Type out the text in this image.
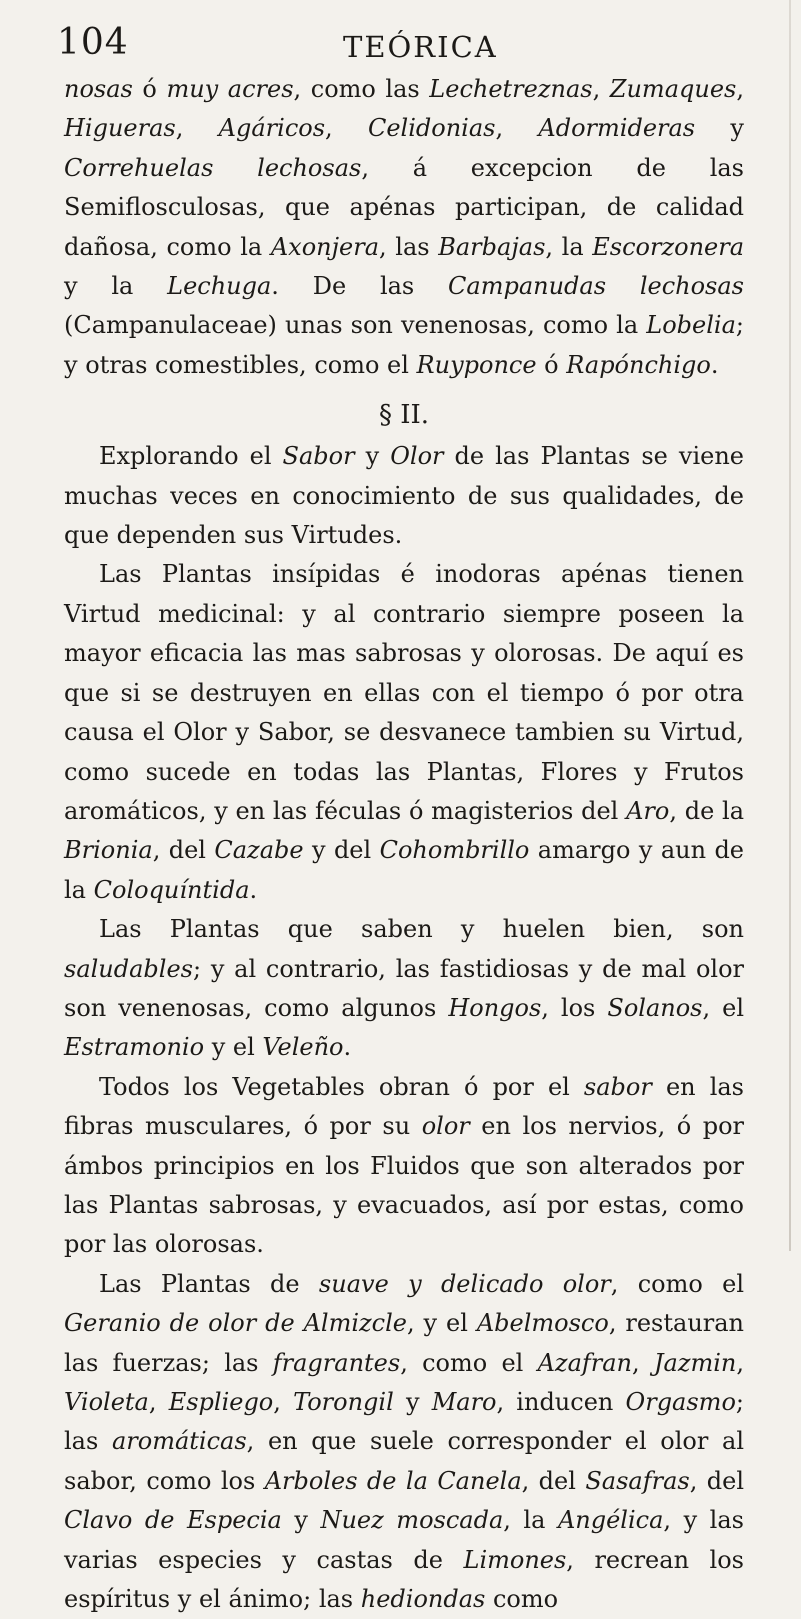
104	TEÓRICA

nosas ó muy acres, como las Lechetreznas, Zumaques, Higueras, Agáricos, Celidonias, Adormideras y Correhuelas lechosas, á excepcion de las Semiflosculosas, que apénas participan, de calidad dañosa, como la Axonjera, las Barbajas, la Escorzonera y la Lechuga. De las Campanudas lechosas (Campanulaceae) unas son venenosas, como la Lobelia; y otras comestibles, como el Ruyponce ó Rapónchigo.

§ II.

Explorando el Sabor y Olor de las Plantas se viene muchas veces en conocimiento de sus qualidades, de que dependen sus Virtudes.

Las Plantas insípidas é inodoras apénas tienen Virtud medicinal: y al contrario siempre poseen la mayor eficacia las mas sabrosas y olorosas. De aquí es que si se destruyen en ellas con el tiempo ó por otra causa el Olor y Sabor, se desvanece tambien su Virtud, como sucede en todas las Plantas, Flores y Frutos aromáticos, y en las féculas ó magisterios del Aro, de la Brionia, del Cazabe y del Cohombrillo amargo y aun de la Coloquíntida.

Las Plantas que saben y huelen bien, son saludables; y al contrario, las fastidiosas y de mal olor son venenosas, como algunos Hongos, los Solanos, el Estramonio y el Veleño.

Todos los Vegetables obran ó por el sabor en las fibras musculares, ó por su olor en los nervios, ó por ámbos principios en los Fluidos que son alterados por las Plantas sabrosas, y evacuados, así por estas, como por las olorosas.

Las Plantas de suave y delicado olor, como el Geranio de olor de Almizcle, y el Abelmosco, restauran las fuerzas; las fragrantes, como el Azafran, Jazmin, Violeta, Espliego, Torongil y Maro, inducen Orgasmo; las aromáticas, en que suele corresponder el olor al sabor, como los Arboles de la Canela, del Sasafras, del Clavo de Especia y Nuez moscada, la Angélica, y las varias especies y castas de Limones, recrean los espíritus y el ánimo; las hediondas como
